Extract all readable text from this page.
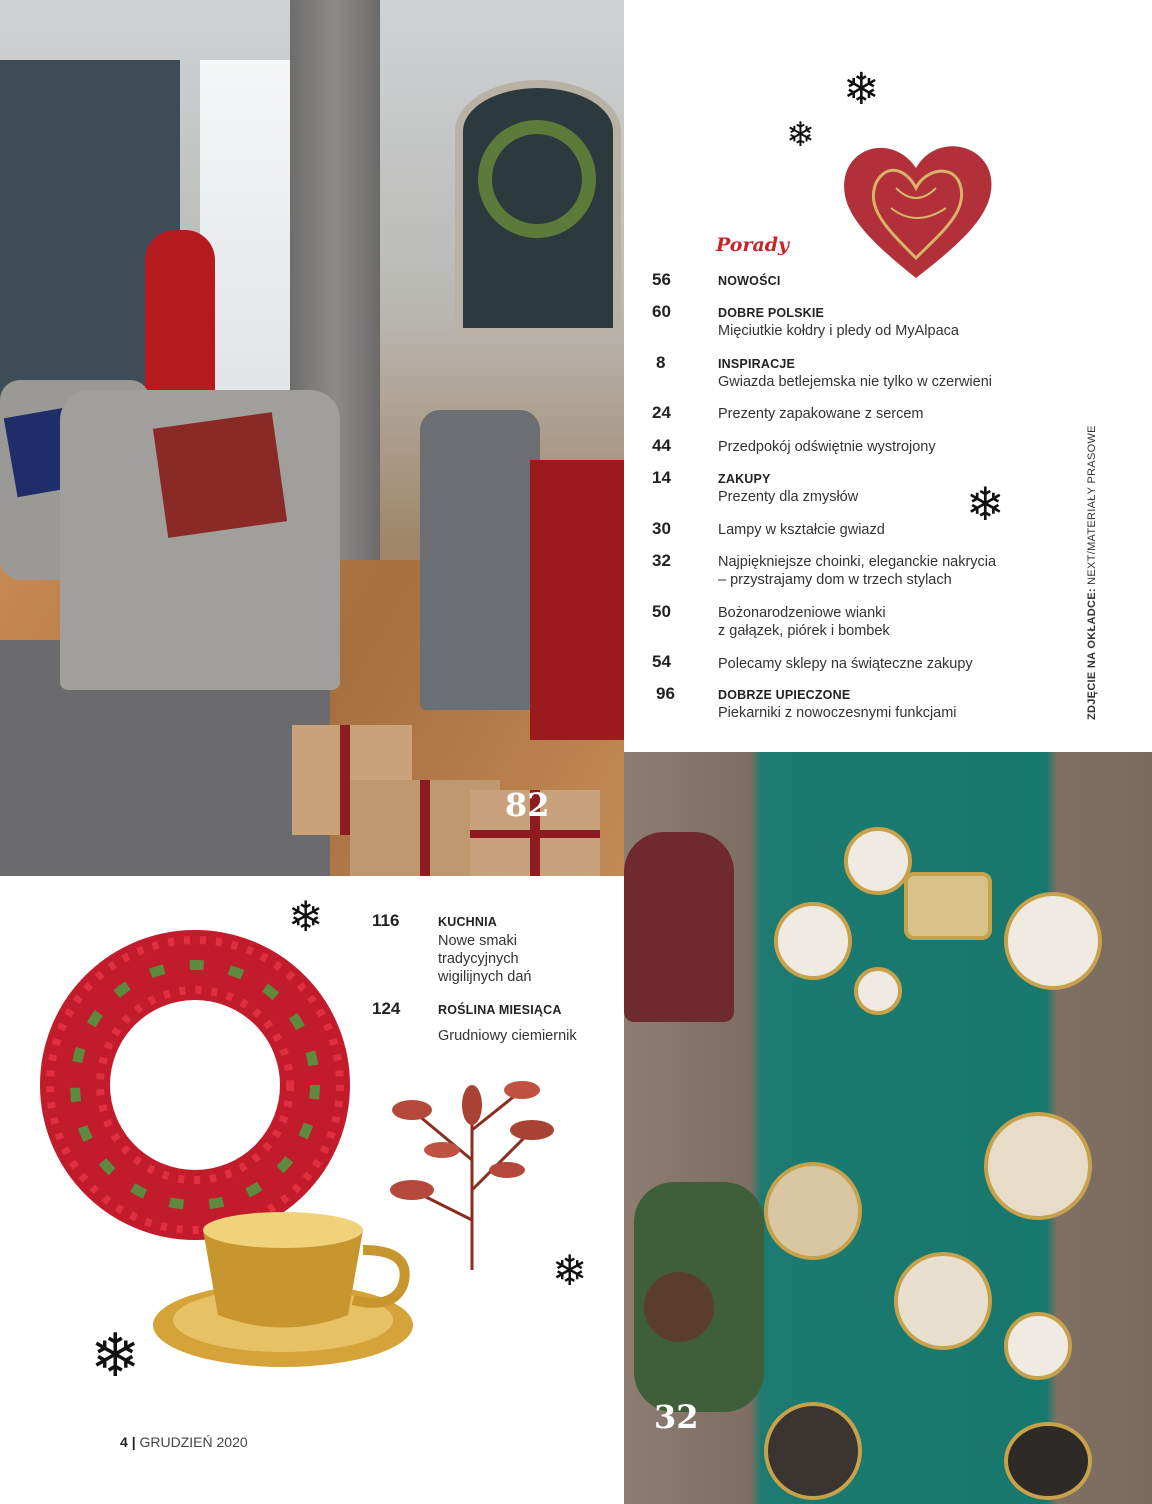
82
32
❄
❄
❄
❄
❄
❄
Porady
56	NOWOŚCI
60	DOBRE POLSKIE
Mięciutkie kołdry i pledy od MyAlpaca
8	INSPIRACJE
Gwiazda betlejemska nie tylko w czerwieni
24	Prezenty zapakowane z sercem
44	Przedpokój odświętnie wystrojony
14	ZAKUPY
Prezenty dla zmysłów
30	Lampy w kształcie gwiazd
32	Najpiękniejsze choinki, eleganckie nakrycia
– przystrajamy dom w trzech stylach
50	Bożonarodzeniowe wianki
z gałązek, piórek i bombek
54	Polecamy sklepy na świąteczne zakupy
96	DOBRZE UPIECZONE
Piekarniki z nowoczesnymi funkcjami	ZDJĘCIE NA OKŁADCE: NEXT/MATERIAŁY PRASOWE
116	KUCHNIA
Nowe smaki
tradycyjnych
wigilijnych dań
124	ROŚLINA MIESIĄCA
Grudniowy ciemiernik
4 | GRUDZIEŃ 2020
